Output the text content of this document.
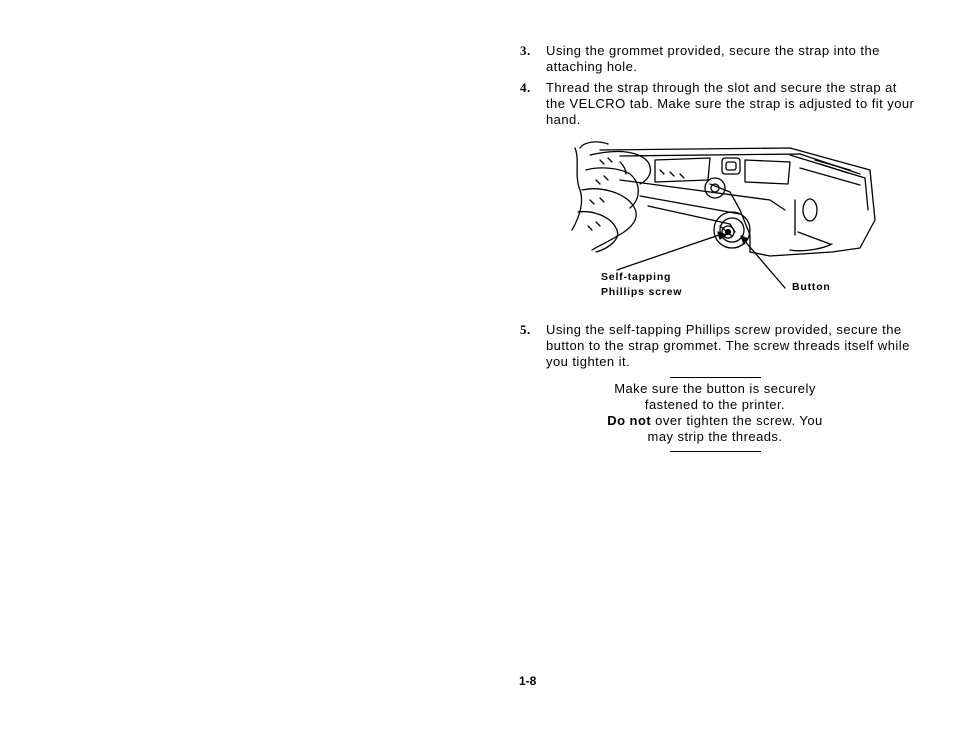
3. Using the grommet provided, secure the strap into the attaching hole.
4. Thread the strap through the slot and secure the strap at the VELCRO tab. Make sure the strap is adjusted to fit your hand.
Self-tapping
Phillips screw	Button
5. Using the self-tapping Phillips screw provided, secure the button to the strap grommet. The screw threads itself while you tighten it.
Make sure the button is securely
fastened to the printer.
Do not over tighten the screw. You
may strip the threads.
1-8
